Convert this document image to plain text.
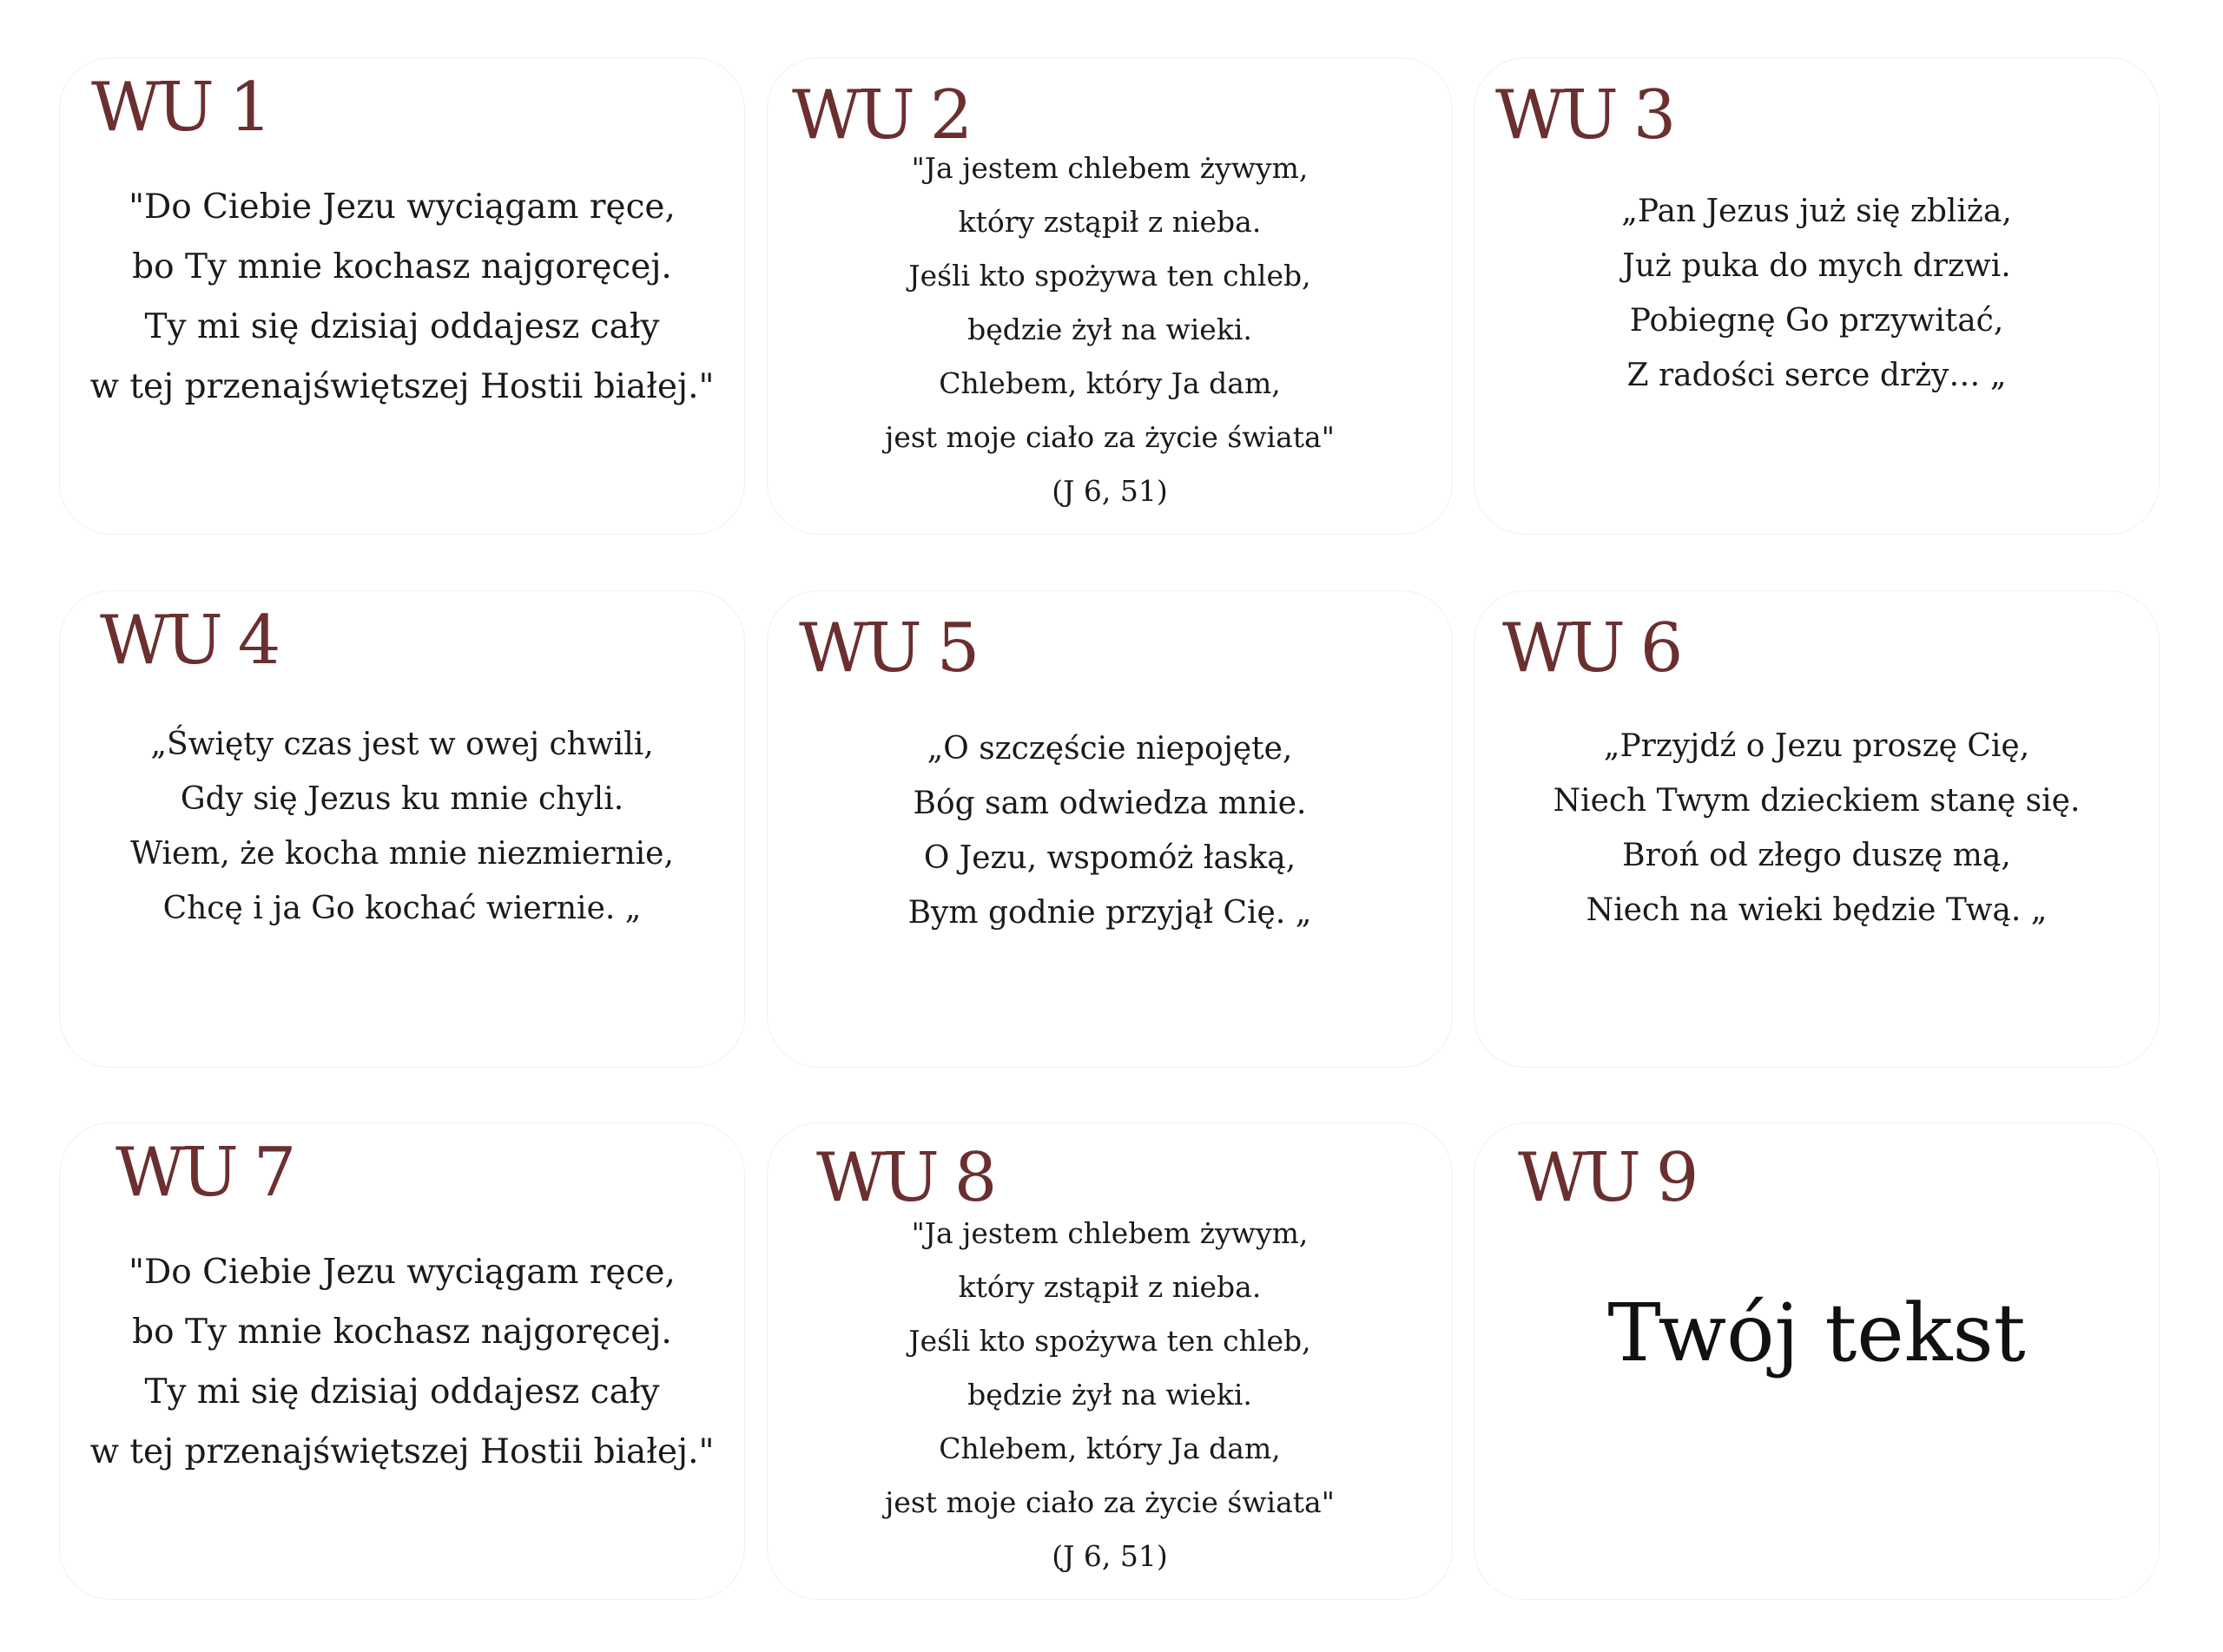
WU 1
"Do Ciebie Jezu wyciągam ręce,
bo Ty mnie kochasz najgoręcej.
Ty mi się dzisiaj oddajesz cały
w tej przenajświętszej Hostii białej."
WU 2
"Ja jestem chlebem żywym,
który zstąpił z nieba.
Jeśli kto spożywa ten chleb,
będzie żył na wieki.
Chlebem, który Ja dam,
jest moje ciało za życie świata"
(J 6, 51)
WU 3
„Pan Jezus już się zbliża,
Już puka do mych drzwi.
Pobiegnę Go przywitać,
Z radości serce drży… „
WU 4
„Święty czas jest w owej chwili,
Gdy się Jezus ku mnie chyli.
Wiem, że kocha mnie niezmiernie,
Chcę i ja Go kochać wiernie. „
WU 5
„O szczęście niepojęte,
Bóg sam odwiedza mnie.
O Jezu, wspomóż łaską,
Bym godnie przyjął Cię. „
WU 6
„Przyjdź o Jezu proszę Cię,
Niech Twym dzieckiem stanę się.
Broń od złego duszę mą,
Niech na wieki będzie Twą. „
WU 7
"Do Ciebie Jezu wyciągam ręce,
bo Ty mnie kochasz najgoręcej.
Ty mi się dzisiaj oddajesz cały
w tej przenajświętszej Hostii białej."
WU 8
"Ja jestem chlebem żywym,
który zstąpił z nieba.
Jeśli kto spożywa ten chleb,
będzie żył na wieki.
Chlebem, który Ja dam,
jest moje ciało za życie świata"
(J 6, 51)
WU 9
Twój tekst
